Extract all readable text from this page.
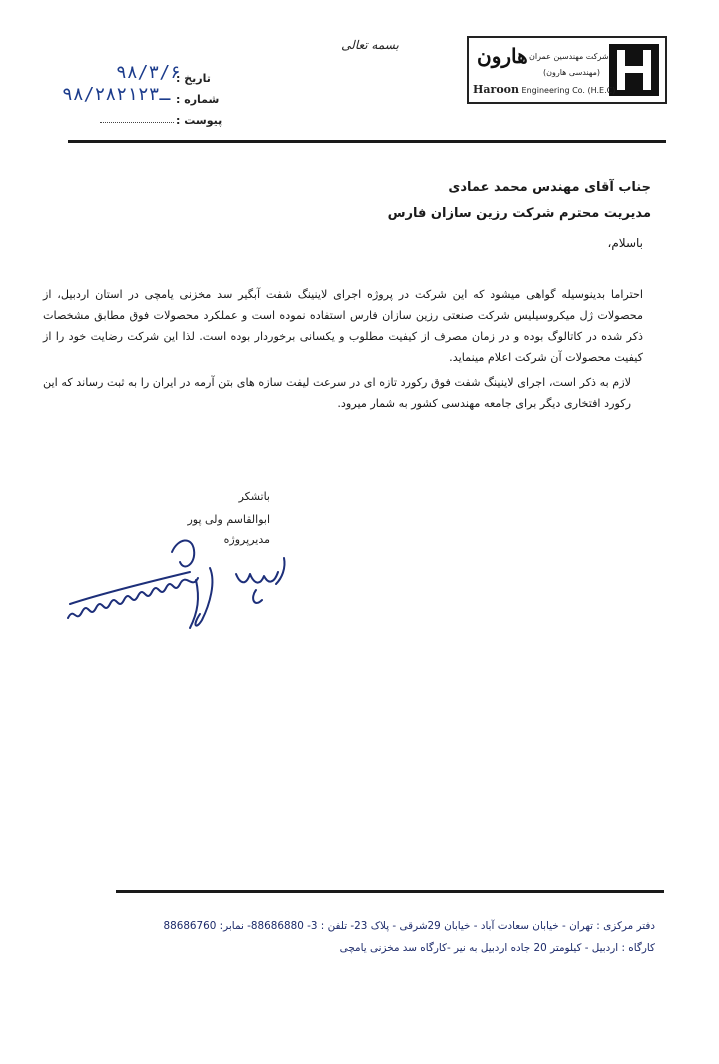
هارون شرکت مهندسین عمران
(مهندسی هارون)
Haroon Engineering Co. (H.E.C)
بسمه تعالی
تاریخ :
۹۸/۳/۶
شماره :
۹۸/۲۸ـ۲۱۲۳
پیوست :
جناب آقای مهندس محمد عمادی
مدیریت محترم شرکت رزین سازان فارس
باسلام،
احتراما بدینوسیله گواهی میشود که این شرکت در پروژه اجرای لاینینگ شفت آبگیر سد مخزنی یامچی در استان اردبیل، از محصولات ژل میکروسیلیس شرکت صنعتی رزین سازان فارس استفاده نموده است و عملکرد محصولات فوق مطابق مشخصات ذکر شده در کاتالوگ بوده و در زمان مصرف از کیفیت مطلوب و یکسانی برخوردار بوده است. لذا این شرکت رضایت خود را از کیفیت محصولات آن شرکت اعلام مینماید.
لازم به ذکر است، اجرای لاینینگ شفت فوق رکورد تازه ای در سرعت لیفت سازه های بتن آرمه در ایران را به ثبت رساند که این رکورد افتخاری دیگر برای جامعه مهندسی کشور به شمار میرود.
باتشکر
ابوالقاسم ولی پور
مدیرپروژه
دفتر مرکزی : تهران - خیابان سعادت آباد - خیابان 29شرقی - پلاک 23- تلفن : 3- 88686880- نمابر: 88686760
کارگاه : اردبیل - کیلومتر 20 جاده اردبیل به نیر -کارگاه سد مخزنی یامچی
